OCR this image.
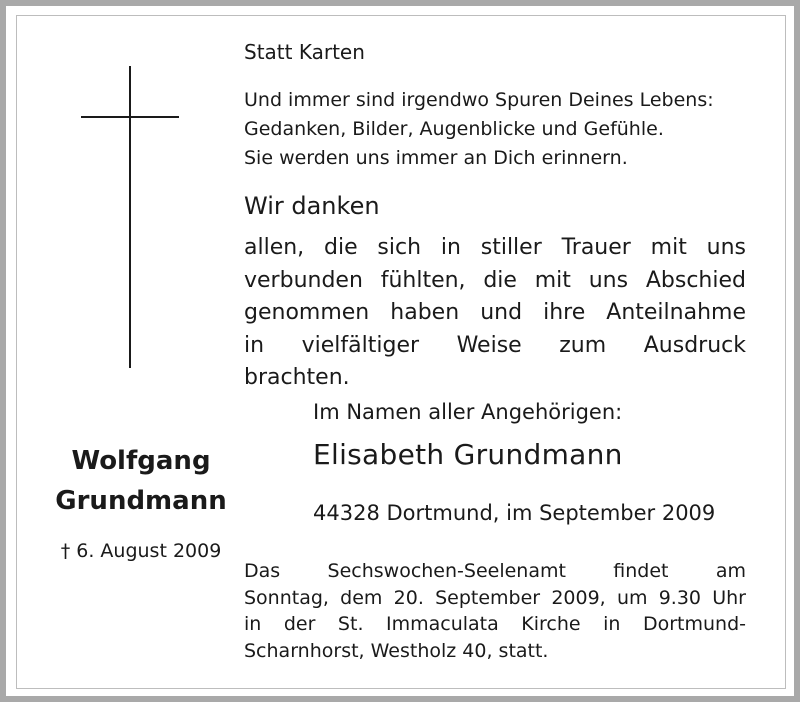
Statt Karten
Und immer sind irgendwo Spuren Deines Lebens:
Gedanken, Bilder, Augenblicke und Gefühle.
Sie werden uns immer an Dich erinnern.
Wir danken
allen, die sich in stiller Trauer mit uns
verbunden fühlten, die mit uns Abschied
genommen haben und ihre Anteilnahme
in vielfältiger Weise zum Ausdruck
brachten.
Im Namen aller Angehörigen:
Elisabeth Grundmann
44328 Dortmund, im September 2009
Wolfgang
Grundmann
† 6. August 2009
Das Sechswochen-Seelenamt findet am
Sonntag, dem 20. September 2009, um 9.30 Uhr
in der St. Immaculata Kirche in Dortmund-
Scharnhorst, Westholz 40, statt.
